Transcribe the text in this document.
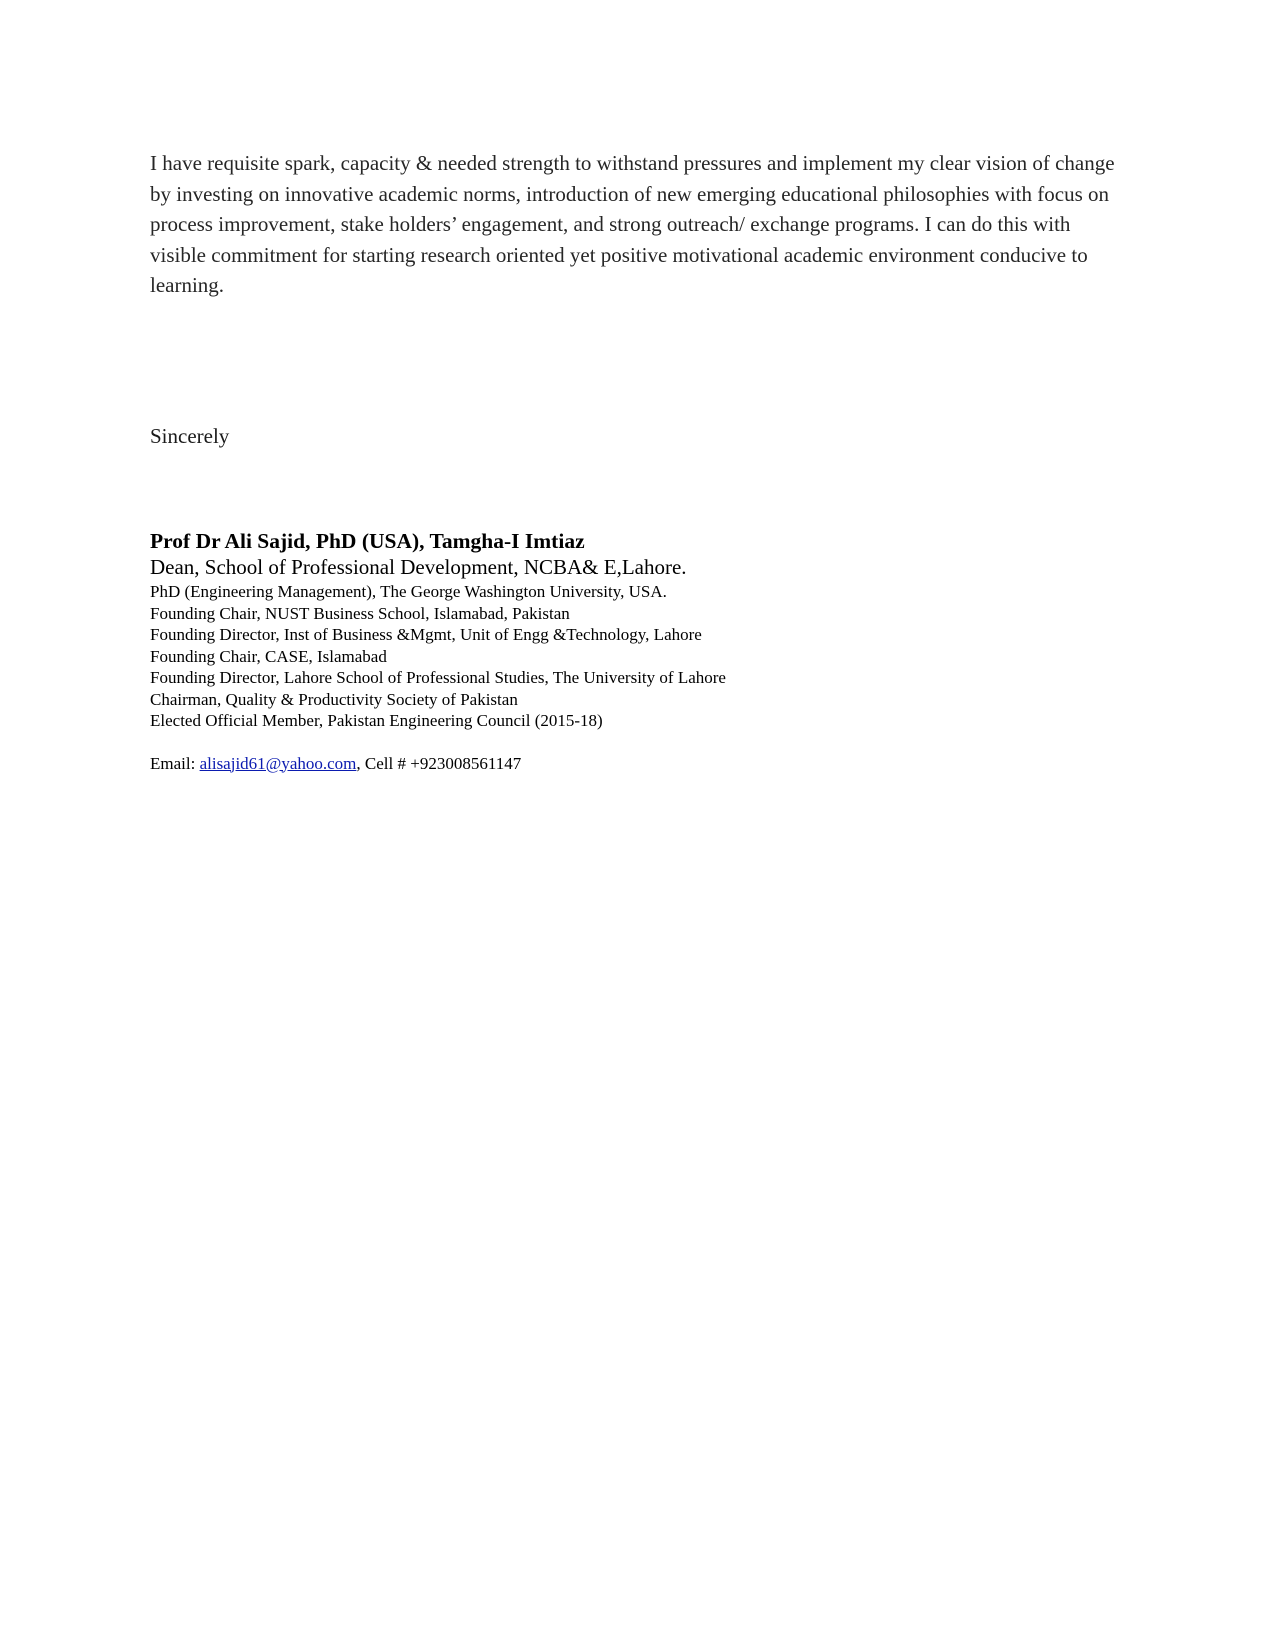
I have requisite spark, capacity & needed strength to withstand pressures and implement my clear vision of change by investing on innovative academic norms, introduction of new emerging educational philosophies with focus on process improvement, stake holders’ engagement, and strong outreach/ exchange programs. I can do this with visible commitment for starting research oriented yet positive motivational academic environment conducive to learning.

Sincerely

Prof Dr Ali Sajid, PhD (USA), Tamgha-I Imtiaz

Dean, School of Professional Development, NCBA& E,Lahore.

PhD (Engineering Management), The George Washington University, USA.
Founding Chair, NUST Business School, Islamabad, Pakistan
Founding Director, Inst of Business &Mgmt, Unit of Engg &Technology, Lahore
Founding Chair, CASE, Islamabad
Founding Director, Lahore School of Professional Studies, The University of Lahore
Chairman, Quality & Productivity Society of Pakistan
Elected Official Member, Pakistan Engineering Council (2015-18)

Email: alisajid61@yahoo.com, Cell # +923008561147
